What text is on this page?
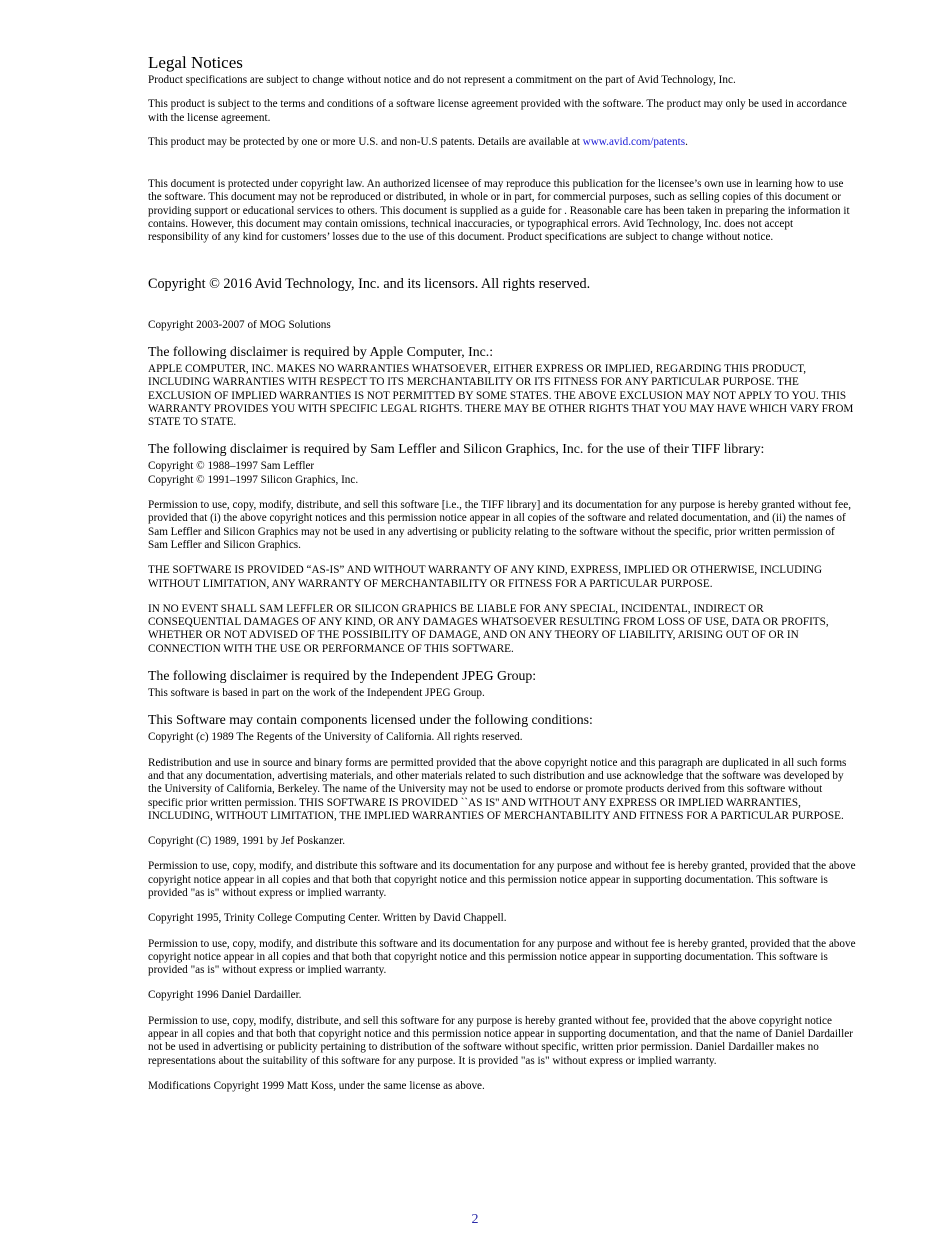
Legal Notices

Product specifications are subject to change without notice and do not represent a commitment on the part of Avid Technology, Inc.

This product is subject to the terms and conditions of a software license agreement provided with the software. The product may only be used in accordance with the license agreement.

This product may be protected by one or more U.S. and non-U.S patents. Details are available at www.avid.com/patents.

This document is protected under copyright law. An authorized licensee of may reproduce this publication for the licensee’s own use in learning how to use the software. This document may not be reproduced or distributed, in whole or in part, for commercial purposes, such as selling copies of this document or providing support or educational services to others. This document is supplied as a guide for . Reasonable care has been taken in preparing the information it contains. However, this document may contain omissions, technical inaccuracies, or typographical errors. Avid Technology, Inc. does not accept responsibility of any kind for customers’ losses due to the use of this document. Product specifications are subject to change without notice.

Copyright © 2016 Avid Technology, Inc. and its licensors. All rights reserved.

Copyright 2003-2007 of MOG Solutions

The following disclaimer is required by Apple Computer, Inc.:

APPLE COMPUTER, INC. MAKES NO WARRANTIES WHATSOEVER, EITHER EXPRESS OR IMPLIED, REGARDING THIS PRODUCT, INCLUDING WARRANTIES WITH RESPECT TO ITS MERCHANTABILITY OR ITS FITNESS FOR ANY PARTICULAR PURPOSE. THE EXCLUSION OF IMPLIED WARRANTIES IS NOT PERMITTED BY SOME STATES. THE ABOVE EXCLUSION MAY NOT APPLY TO YOU. THIS WARRANTY PROVIDES YOU WITH SPECIFIC LEGAL RIGHTS. THERE MAY BE OTHER RIGHTS THAT YOU MAY HAVE WHICH VARY FROM STATE TO STATE.

The following disclaimer is required by Sam Leffler and Silicon Graphics, Inc. for the use of their TIFF library:

Copyright © 1988–1997 Sam Leffler

Copyright © 1991–1997 Silicon Graphics, Inc.

Permission to use, copy, modify, distribute, and sell this software [i.e., the TIFF library] and its documentation for any purpose is hereby granted without fee, provided that (i) the above copyright notices and this permission notice appear in all copies of the software and related documentation, and (ii) the names of Sam Leffler and Silicon Graphics may not be used in any advertising or publicity relating to the software without the specific, prior written permission of Sam Leffler and Silicon Graphics.

THE SOFTWARE IS PROVIDED “AS-IS” AND WITHOUT WARRANTY OF ANY KIND, EXPRESS, IMPLIED OR OTHERWISE, INCLUDING WITHOUT LIMITATION, ANY WARRANTY OF MERCHANTABILITY OR FITNESS FOR A PARTICULAR PURPOSE.

IN NO EVENT SHALL SAM LEFFLER OR SILICON GRAPHICS BE LIABLE FOR ANY SPECIAL, INCIDENTAL, INDIRECT OR CONSEQUENTIAL DAMAGES OF ANY KIND, OR ANY DAMAGES WHATSOEVER RESULTING FROM LOSS OF USE, DATA OR PROFITS, WHETHER OR NOT ADVISED OF THE POSSIBILITY OF DAMAGE, AND ON ANY THEORY OF LIABILITY, ARISING OUT OF OR IN CONNECTION WITH THE USE OR PERFORMANCE OF THIS SOFTWARE.

The following disclaimer is required by the Independent JPEG Group:

This software is based in part on the work of the Independent JPEG Group.

This Software may contain components licensed under the following conditions:

Copyright (c) 1989 The Regents of the University of California. All rights reserved.

Redistribution and use in source and binary forms are permitted provided that the above copyright notice and this paragraph are duplicated in all such forms and that any documentation, advertising materials, and other materials related to such distribution and use acknowledge that the software was developed by the University of California, Berkeley. The name of the University may not be used to endorse or promote products derived from this software without specific prior written permission. THIS SOFTWARE IS PROVIDED ``AS IS'' AND WITHOUT ANY EXPRESS OR IMPLIED WARRANTIES, INCLUDING, WITHOUT LIMITATION, THE IMPLIED WARRANTIES OF MERCHANTABILITY AND FITNESS FOR A PARTICULAR PURPOSE.

Copyright (C) 1989, 1991 by Jef Poskanzer.

Permission to use, copy, modify, and distribute this software and its documentation for any purpose and without fee is hereby granted, provided that the above copyright notice appear in all copies and that both that copyright notice and this permission notice appear in supporting documentation. This software is provided "as is" without express or implied warranty.

Copyright 1995, Trinity College Computing Center. Written by David Chappell.

Permission to use, copy, modify, and distribute this software and its documentation for any purpose and without fee is hereby granted, provided that the above copyright notice appear in all copies and that both that copyright notice and this permission notice appear in supporting documentation. This software is provided "as is" without express or implied warranty.

Copyright 1996 Daniel Dardailler.

Permission to use, copy, modify, distribute, and sell this software for any purpose is hereby granted without fee, provided that the above copyright notice appear in all copies and that both that copyright notice and this permission notice appear in supporting documentation, and that the name of Daniel Dardailler not be used in advertising or publicity pertaining to distribution of the software without specific, written prior permission. Daniel Dardailler makes no representations about the suitability of this software for any purpose. It is provided "as is" without express or implied warranty.

Modifications Copyright 1999 Matt Koss, under the same license as above.

2
